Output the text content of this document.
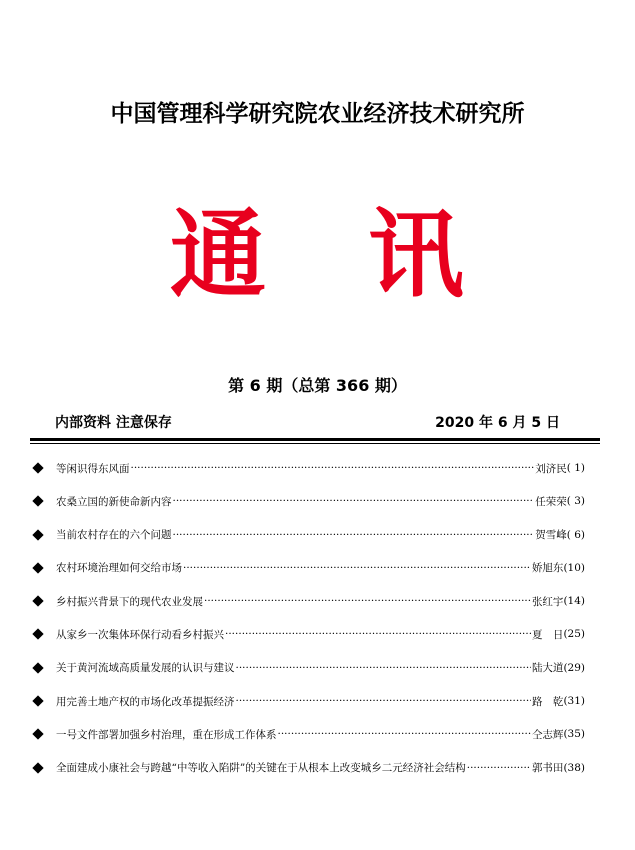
中国管理科学研究院农业经济技术研究所
通 讯
第 6 期（总第 366 期）
内部资料 注意保存	2020 年 6 月 5 日
等闲识得东风面 ·····	刘济民 ( 1)
农桑立国的新使命新内容 ·····	任荣荣 ( 3)
当前农村存在的六个问题 ·····	贺雪峰 ( 6)
农村环境治理如何交给市场 ·····	娇旭东 (10)
乡村振兴背景下的现代农业发展 ·····	张红宇 (14)
从家乡一次集体环保行动看乡村振兴 ·····	夏　日 (25)
关于黄河流域高质量发展的认识与建议 ·····	陆大道 (29)
用完善土地产权的市场化改革提振经济 ·····	路　乾 (31)
一号文件部署加强乡村治理，重在形成工作体系 ·····	仝志辉 (35)
全面建成小康社会与跨越“中等收入陷阱”的关键在于从根本上改变城乡二元经济社会结构 ·····	郭书田 (38)
